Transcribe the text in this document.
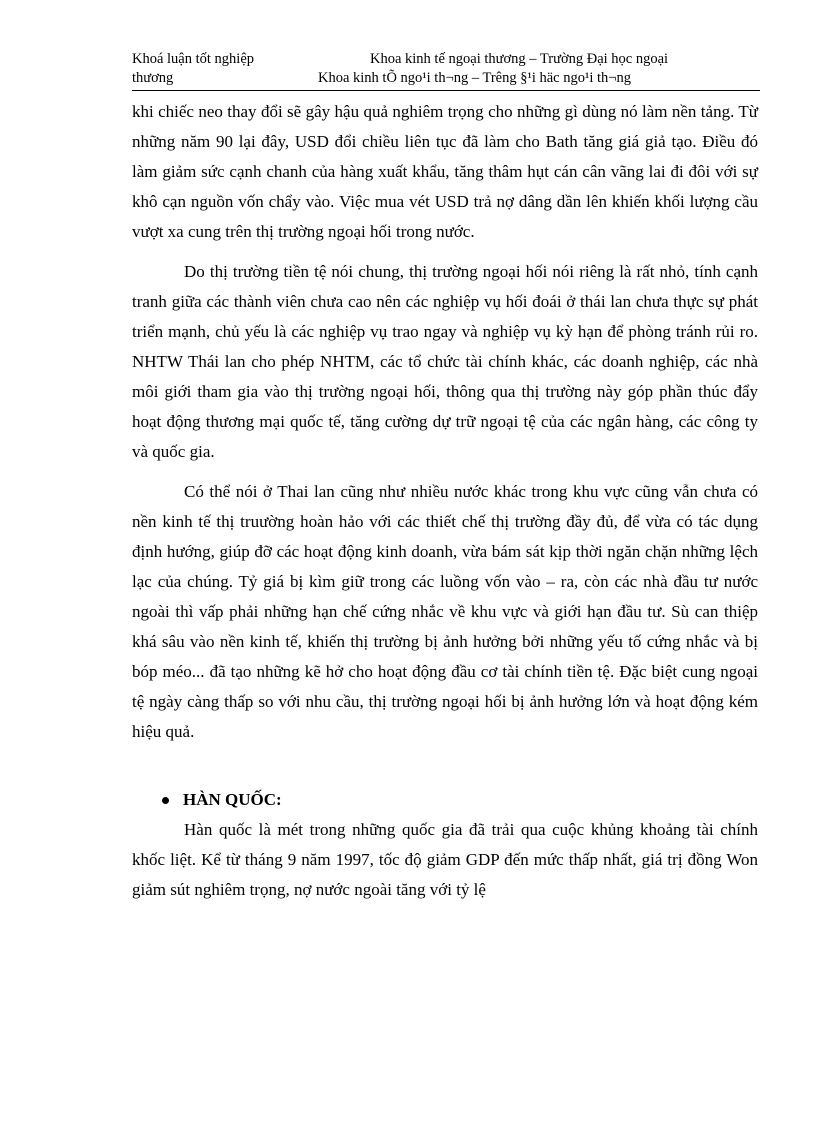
Khoá luận tốt nghiệp
thương
Khoa kinh tế ngoại thương – Trường Đại học ngoại
Khoa kinh tÕ ngo¹i th¬ng – Trêng §¹i häc ngo¹i th¬ng

khi chiếc neo thay đổi sẽ gây hậu quả nghiêm trọng cho những gì dùng nó làm nền tảng. Từ những năm 90 lại đây, USD đổi chiều liên tục đã làm cho Bath tăng giá giả tạo. Điều đó làm giảm sức cạnh chanh của hàng xuất khẩu, tăng thâm hụt cán cân vãng lai đi đôi với sự khô cạn nguồn vốn chẩy vào. Việc mua vét USD trả nợ dâng dần lên khiến khối lượng cầu vượt xa cung trên thị trường ngoại hối trong nước.

Do thị trường tiền tệ nói chung, thị trường ngoại hối nói riêng là rất nhỏ, tính cạnh tranh giữa các thành viên chưa cao nên các nghiệp vụ hối đoái ở thái lan chưa thực sự phát triển mạnh, chủ yếu là các nghiệp vụ trao ngay và nghiệp vụ kỳ hạn để phòng tránh rủi ro. NHTW Thái lan cho phép NHTM, các tổ chức tài chính khác, các doanh nghiệp, các nhà môi giới tham gia vào thị trường ngoại hối, thông qua thị trường này góp phần thúc đẩy hoạt động thương mại quốc tế, tăng cường dự trữ ngoại tệ của các ngân hàng, các công ty và quốc gia.

Có thể nói ở Thai lan cũng như nhiều nước khác trong khu vực cũng vẫn chưa có nền kinh tế thị truường hoàn hảo với các thiết chế thị trường đầy đủ, để vừa có tác dụng định hướng, giúp đỡ các hoạt động kinh doanh, vừa bám sát kịp thời ngăn chặn những lệch lạc của chúng. Tỷ giá bị kìm giữ trong các luồng vốn vào – ra, còn các nhà đầu tư nước ngoài thì vấp phải những hạn chế cứng nhắc về khu vực và giới hạn đầu tư. Sù can thiệp khá sâu vào nền kinh tế, khiến thị trường bị ảnh hưởng bởi những yếu tố cứng nhắc và bị bóp méo... đã tạo những kẽ hở cho hoạt động đầu cơ tài chính tiền tệ. Đặc biệt cung ngoại tệ ngày càng thấp so với nhu cầu, thị trường ngoại hối bị ảnh hưởng lớn và hoạt động kém hiệu quả.

HÀN QUỐC:

Hàn quốc là mét trong những quốc gia đã trải qua cuộc khủng khoảng tài chính khốc liệt. Kể từ tháng 9 năm 1997, tốc độ giảm GDP đến mức thấp nhất, giá trị đồng Won giảm sút nghiêm trọng, nợ nước ngoài tăng với tỷ lệ
